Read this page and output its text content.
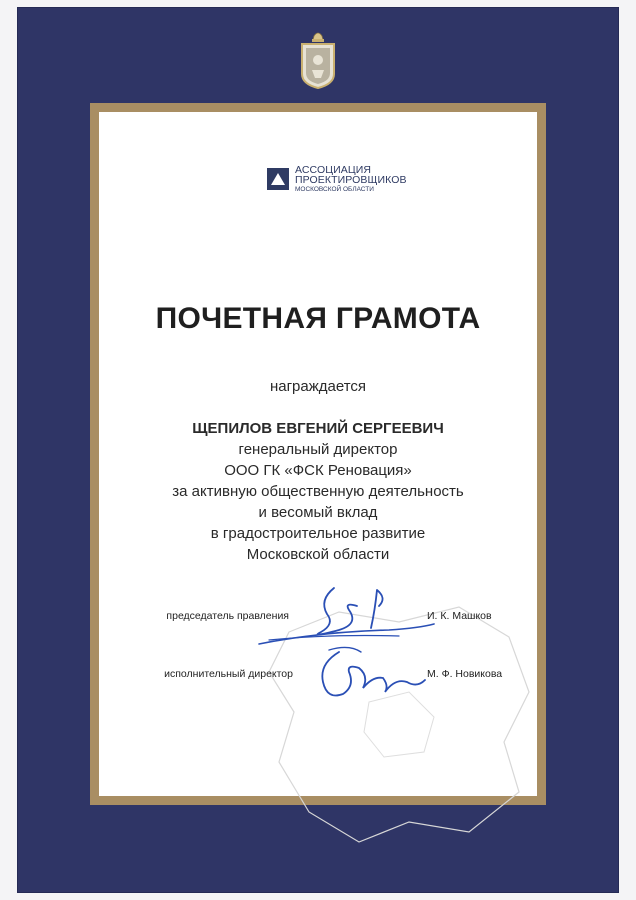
АССОЦИАЦИЯ
ПРОЕКТИРОВЩИКОВ
МОСКОВСКОЙ ОБЛАСТИ
ПОЧЕТНАЯ ГРАМОТА
награждается
ЩЕПИЛОВ ЕВГЕНИЙ СЕРГЕЕВИЧ
генеральный директор
ООО ГК «ФСК Реновация»
за активную общественную деятельность
и весомый вклад
в градостроительное развитие
Московской области
председатель правления	И. К. Машков
исполнительный директор	М. Ф. Новикова
